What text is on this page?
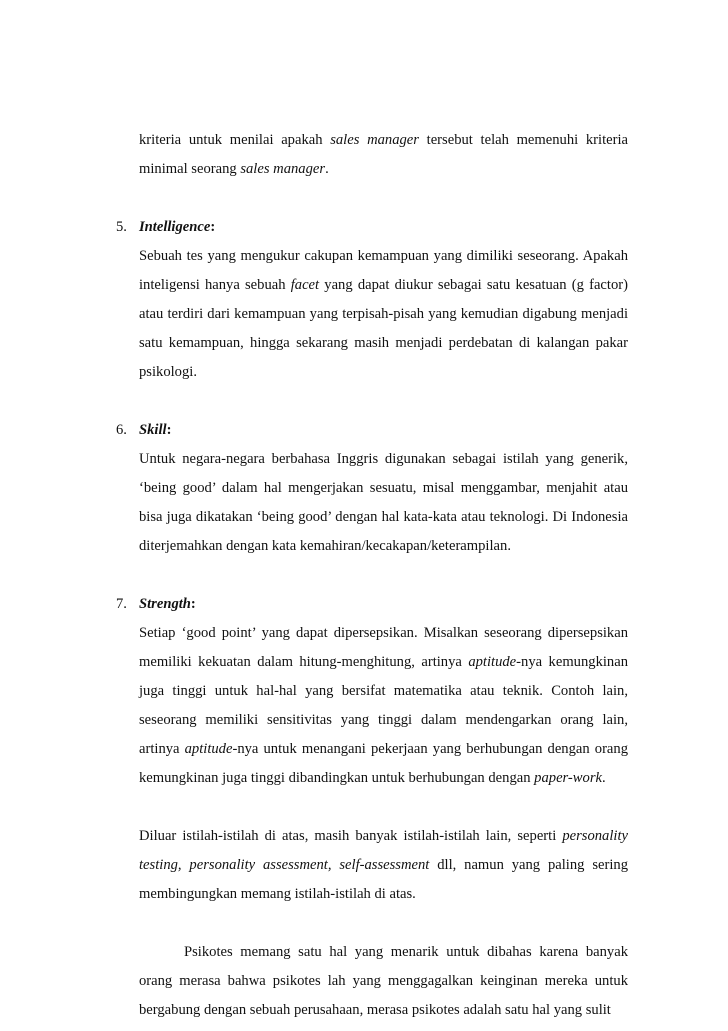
kriteria untuk menilai apakah sales manager tersebut telah memenuhi kriteria minimal seorang sales manager.

5. Intelligence:

Sebuah tes yang mengukur cakupan kemampuan yang dimiliki seseorang. Apakah inteligensi hanya sebuah facet yang dapat diukur sebagai satu kesatuan (g factor) atau terdiri dari kemampuan yang terpisah-pisah yang kemudian digabung menjadi satu kemampuan, hingga sekarang masih menjadi perdebatan di kalangan pakar psikologi.

6. Skill:

Untuk negara-negara berbahasa Inggris digunakan sebagai istilah yang generik, ‘being good’ dalam hal mengerjakan sesuatu, misal menggambar, menjahit atau bisa juga dikatakan ‘being good’ dengan hal kata-kata atau teknologi. Di Indonesia diterjemahkan dengan kata kemahiran/kecakapan/keterampilan.

7. Strength:

Setiap ‘good point’ yang dapat dipersepsikan. Misalkan seseorang dipersepsikan memiliki kekuatan dalam hitung-menghitung, artinya aptitude-nya kemungkinan juga tinggi untuk hal-hal yang bersifat matematika atau teknik. Contoh lain, seseorang memiliki sensitivitas yang tinggi dalam mendengarkan orang lain, artinya aptitude-nya untuk menangani pekerjaan yang berhubungan dengan orang kemungkinan juga tinggi dibandingkan untuk berhubungan dengan paper-work.

Diluar istilah-istilah di atas, masih banyak istilah-istilah lain, seperti personality testing, personality assessment, self-assessment dll, namun yang paling sering membingungkan memang istilah-istilah di atas.

Psikotes memang satu hal yang menarik untuk dibahas karena banyak orang merasa bahwa psikotes lah yang menggagalkan keinginan mereka untuk bergabung dengan sebuah perusahaan, merasa psikotes adalah satu hal yang sulit
